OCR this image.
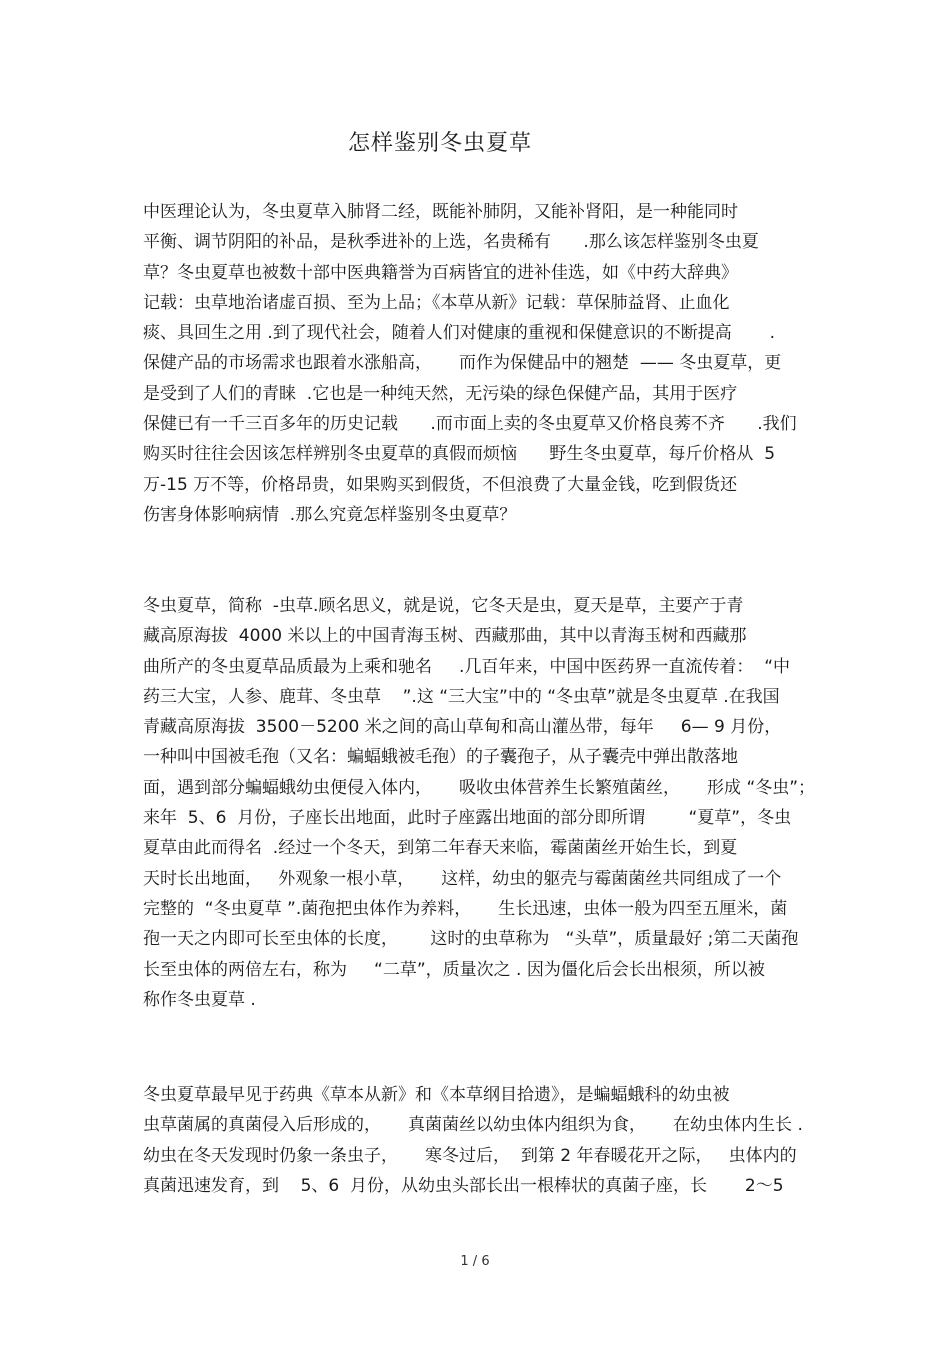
怎样鉴别冬虫夏草
中医理论认为，冬虫夏草入肺肾二经，既能补肺阴，又能补肾阳，是一种能同时
平衡、调节阴阳的补品，是秋季进补的上选，名贵稀有      .那么该怎样鉴别冬虫夏
草？冬虫夏草也被数十部中医典籍誉为百病皆宜的进补佳选，如《中药大辞典》
记载：虫草地治诸虚百损、至为上品；《本草从新》记载：草保肺益肾、止血化
痰、具回生之用 .到了现代社会，随着人们对健康的重视和保健意识的不断提高       .
保健产品的市场需求也跟着水涨船高，     而作为保健品中的翘楚  —— 冬虫夏草，更
是受到了人们的青睐  .它也是一种纯天然，无污染的绿色保健产品，其用于医疗
保健已有一千三百多年的历史记载      .而市面上卖的冬虫夏草又价格良莠不齐      .我们
购买时往往会因该怎样辨别冬虫夏草的真假而烦恼      野生冬虫夏草，每斤价格从  5
万-15 万不等，价格昂贵，如果购买到假货，不但浪费了大量金钱，吃到假货还
伤害身体影响病情  .那么究竟怎样鉴别冬虫夏草？
冬虫夏草，简称  -虫草.顾名思义，就是说，它冬天是虫，夏天是草，主要产于青
藏高原海拔  4000 米以上的中国青海玉树、西藏那曲，其中以青海玉树和西藏那
曲所产的冬虫夏草品质最为上乘和驰名     .几百年来，中国中医药界一直流传着：  “中
药三大宝，人参、鹿茸、冬虫草    ”.这 “三大宝”中的 “冬虫草”就是冬虫夏草 .在我国
青藏高原海拔  3500－5200 米之间的高山草甸和高山灌丛带，每年     6— 9 月份，
一种叫中国被毛孢（又名：蝙蝠蛾被毛孢）的子囊孢子，从子囊壳中弹出散落地
面，遇到部分蝙蝠蛾幼虫便侵入体内，     吸收虫体营养生长繁殖菌丝，     形成 “冬虫”；
来年  5、6  月份，子座长出地面，此时子座露出地面的部分即所谓        “夏草”，冬虫
夏草由此而得名  .经过一个冬天，到第二年春天来临，霉菌菌丝开始生长，到夏
天时长出地面，   外观象一根小草，     这样，幼虫的躯壳与霉菌菌丝共同组成了一个
完整的  “冬虫夏草 ”.菌孢把虫体作为养料，     生长迅速，虫体一般为四至五厘米，菌
孢一天之内即可长至虫体的长度，      这时的虫草称为   “头草”，质量最好 ;第二天菌孢
长至虫体的两倍左右，称为     “二草”，质量次之 . 因为僵化后会长出根须，所以被
称作冬虫夏草 .
冬虫夏草最早见于药典《草本从新》和《本草纲目拾遗》，是蝙蝠蛾科的幼虫被
虫草菌属的真菌侵入后形成的，     真菌菌丝以幼虫体内组织为食，     在幼虫体内生长 .
幼虫在冬天发现时仍象一条虫子，     寒冬过后，  到第 2 年春暖花开之际，   虫体内的
真菌迅速发育，到    5、6  月份，从幼虫头部长出一根棒状的真菌子座，长       2～5
1 / 6
